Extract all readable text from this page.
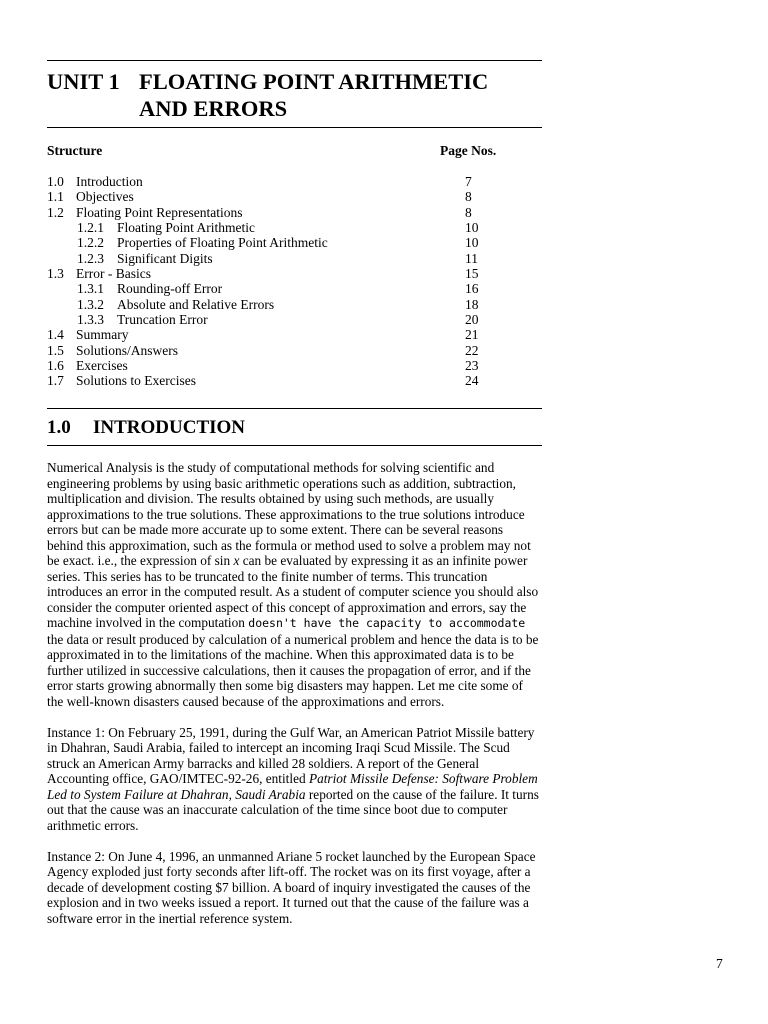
UNIT 1 FLOATING POINT ARITHMETIC
AND ERRORS
Structure	Page Nos.
1.0 Introduction	7
1.1 Objectives	8
1.2 Floating Point Representations	8
1.2.1 Floating Point Arithmetic	10
1.2.2 Properties of Floating Point Arithmetic	10
1.2.3 Significant Digits	11
1.3 Error - Basics	15
1.3.1 Rounding-off Error	16
1.3.2 Absolute and Relative Errors	18
1.3.3 Truncation Error	20
1.4 Summary	21
1.5 Solutions/Answers	22
1.6 Exercises	23
1.7 Solutions to Exercises	24
1.0	INTRODUCTION

Numerical Analysis is the study of computational methods for solving scientific and engineering problems by using basic arithmetic operations such as addition, subtraction, multiplication and division. The results obtained by using such methods, are usually approximations to the true solutions. These approximations to the true solutions introduce errors but can be made more accurate up to some extent. There can be several reasons behind this approximation, such as the formula or method used to solve a problem may not be exact. i.e., the expression of sin x can be evaluated by expressing it as an infinite power series. This series has to be truncated to the finite number of terms. This truncation introduces an error in the computed result. As a student of computer science you should also consider the computer oriented aspect of this concept of approximation and errors, say the machine involved in the computation doesn't have the capacity to accommodate the data or result produced by calculation of a numerical problem and hence the data is to be approximated in to the limitations of the machine. When this approximated data is to be further utilized in successive calculations, then it causes the propagation of error, and if the error starts growing abnormally then some big disasters may happen. Let me cite some of the well-known disasters caused because of the approximations and errors.

Instance 1: On February 25, 1991, during the Gulf War, an American Patriot Missile battery in Dhahran, Saudi Arabia, failed to intercept an incoming Iraqi Scud Missile. The Scud struck an American Army barracks and killed 28 soldiers. A report of the General Accounting office, GAO/IMTEC-92-26, entitled Patriot Missile Defense: Software Problem Led to System Failure at Dhahran, Saudi Arabia reported on the cause of the failure. It turns out that the cause was an inaccurate calculation of the time since boot due to computer arithmetic errors.

Instance 2: On June 4, 1996, an unmanned Ariane 5 rocket launched by the European Space Agency exploded just forty seconds after lift-off. The rocket was on its first voyage, after a decade of development costing $7 billion. A board of inquiry investigated the causes of the explosion and in two weeks issued a report. It turned out that the cause of the failure was a software error in the inertial reference system.

7
